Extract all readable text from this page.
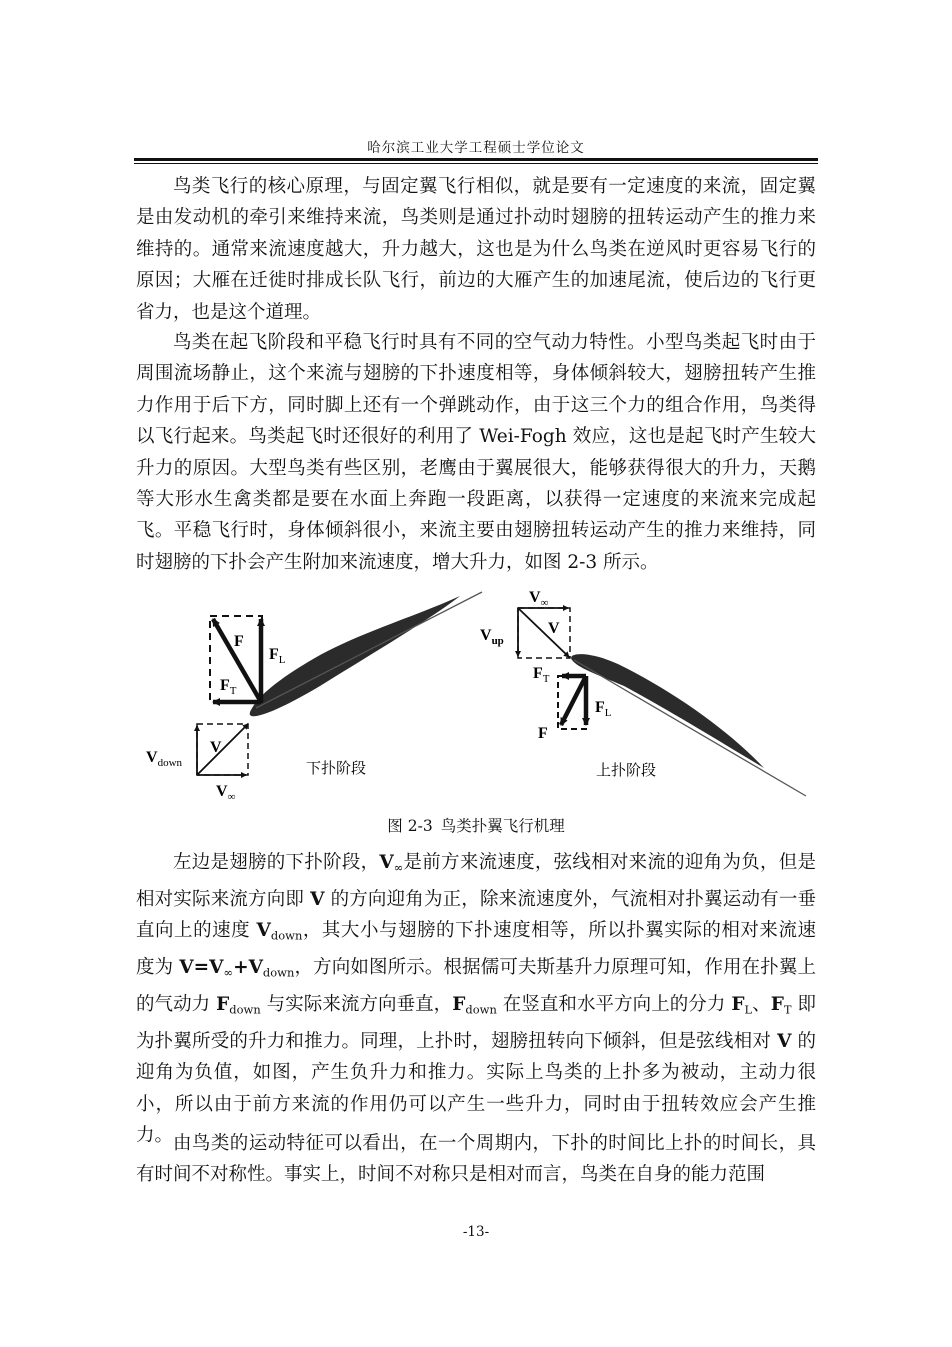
哈尔滨工业大学工程硕士学位论文

鸟类飞行的核心原理，与固定翼飞行相似，就是要有一定速度的来流，固定翼是由发动机的牵引来维持来流，鸟类则是通过扑动时翅膀的扭转运动产生的推力来维持的。通常来流速度越大，升力越大，这也是为什么鸟类在逆风时更容易飞行的原因；大雁在迁徙时排成长队飞行，前边的大雁产生的加速尾流，使后边的飞行更省力，也是这个道理。

鸟类在起飞阶段和平稳飞行时具有不同的空气动力特性。小型鸟类起飞时由于周围流场静止，这个来流与翅膀的下扑速度相等，身体倾斜较大，翅膀扭转产生推力作用于后下方，同时脚上还有一个弹跳动作，由于这三个力的组合作用，鸟类得以飞行起来。鸟类起飞时还很好的利用了 Wei-Fogh 效应，这也是起飞时产生较大升力的原因。大型鸟类有些区别，老鹰由于翼展很大，能够获得很大的升力，天鹅等大形水生禽类都是要在水面上奔跑一段距离，以获得一定速度的来流来完成起飞。平稳飞行时，身体倾斜很小，来流主要由翅膀扭转运动产生的推力来维持，同时翅膀的下扑会产生附加来流速度，增大升力，如图 2-3 所示。

F
$F_L$
$F_T$
V
$V_{down}$
$V_\infty$
下扑阶段
$V_\infty$
V
$V_{up}$
$F_T$
$F_L$
F
上扑阶段
图 2-3 鸟类扑翼飞行机理

左边是翅膀的下扑阶段，$V_\infty$是前方来流速度，弦线相对来流的迎角为负，但是相对实际来流方向即 V 的方向迎角为正，除来流速度外，气流相对扑翼运动有一垂直向上的速度 $V_{down}$，其大小与翅膀的下扑速度相等，所以扑翼实际的相对来流速度为 $V=V_\infty+V_{down}$，方向如图所示。根据儒可夫斯基升力原理可知，作用在扑翼上的气动力 $F_{down}$ 与实际来流方向垂直，$F_{down}$ 在竖直和水平方向上的分力 $F_L$、$F_T$ 即为扑翼所受的升力和推力。同理，上扑时，翅膀扭转向下倾斜，但是弦线相对 V 的迎角为负值，如图，产生负升力和推力。实际上鸟类的上扑多为被动，主动力很小，所以由于前方来流的作用仍可以产生一些升力，同时由于扭转效应会产生推力。 由鸟类的运动特征可以看出，在一个周期内，下扑的时间比上扑的时间长，具有时间不对称性。事实上，时间不对称只是相对而言，鸟类在自身的能力范围

-13-
